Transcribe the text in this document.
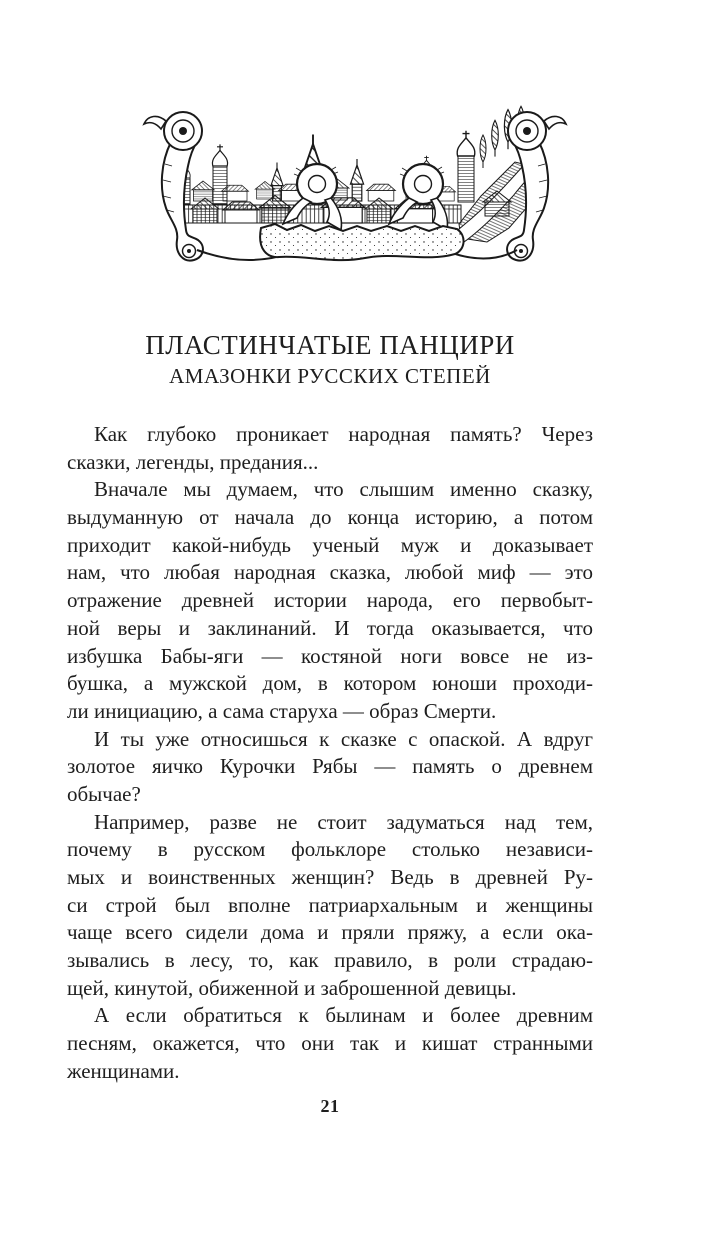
ПЛАСТИНЧАТЫЕ ПАНЦИРИ
АМАЗОНКИ РУССКИХ СТЕПЕЙ
Как глубоко проникает народная память? Через
сказки, легенды, предания...
Вначале мы думаем, что слышим именно сказку,
выдуманную от начала до конца историю, а потом
приходит какой-нибудь ученый муж и доказывает
нам, что любая народная сказка, любой миф — это
отражение древней истории народа, его первобыт-
ной веры и заклинаний. И тогда оказывается, что
избушка Бабы-яги — костяной ноги вовсе не из-
бушка, а мужской дом, в котором юноши проходи-
ли инициацию, а сама старуха — образ Смерти.
И ты уже относишься к сказке с опаской. А вдруг
золотое яичко Курочки Рябы — память о древнем
обычае?
Например, разве не стоит задуматься над тем,
почему в русском фольклоре столько независи-
мых и воинственных женщин? Ведь в древней Ру-
си строй был вполне патриархальным и женщины
чаще всего сидели дома и пряли пряжу, а если ока-
зывались в лесу, то, как правило, в роли страдаю-
щей, кинутой, обиженной и заброшенной девицы.
А если обратиться к былинам и более древним
песням, окажется, что они так и кишат странными
женщинами.
21
